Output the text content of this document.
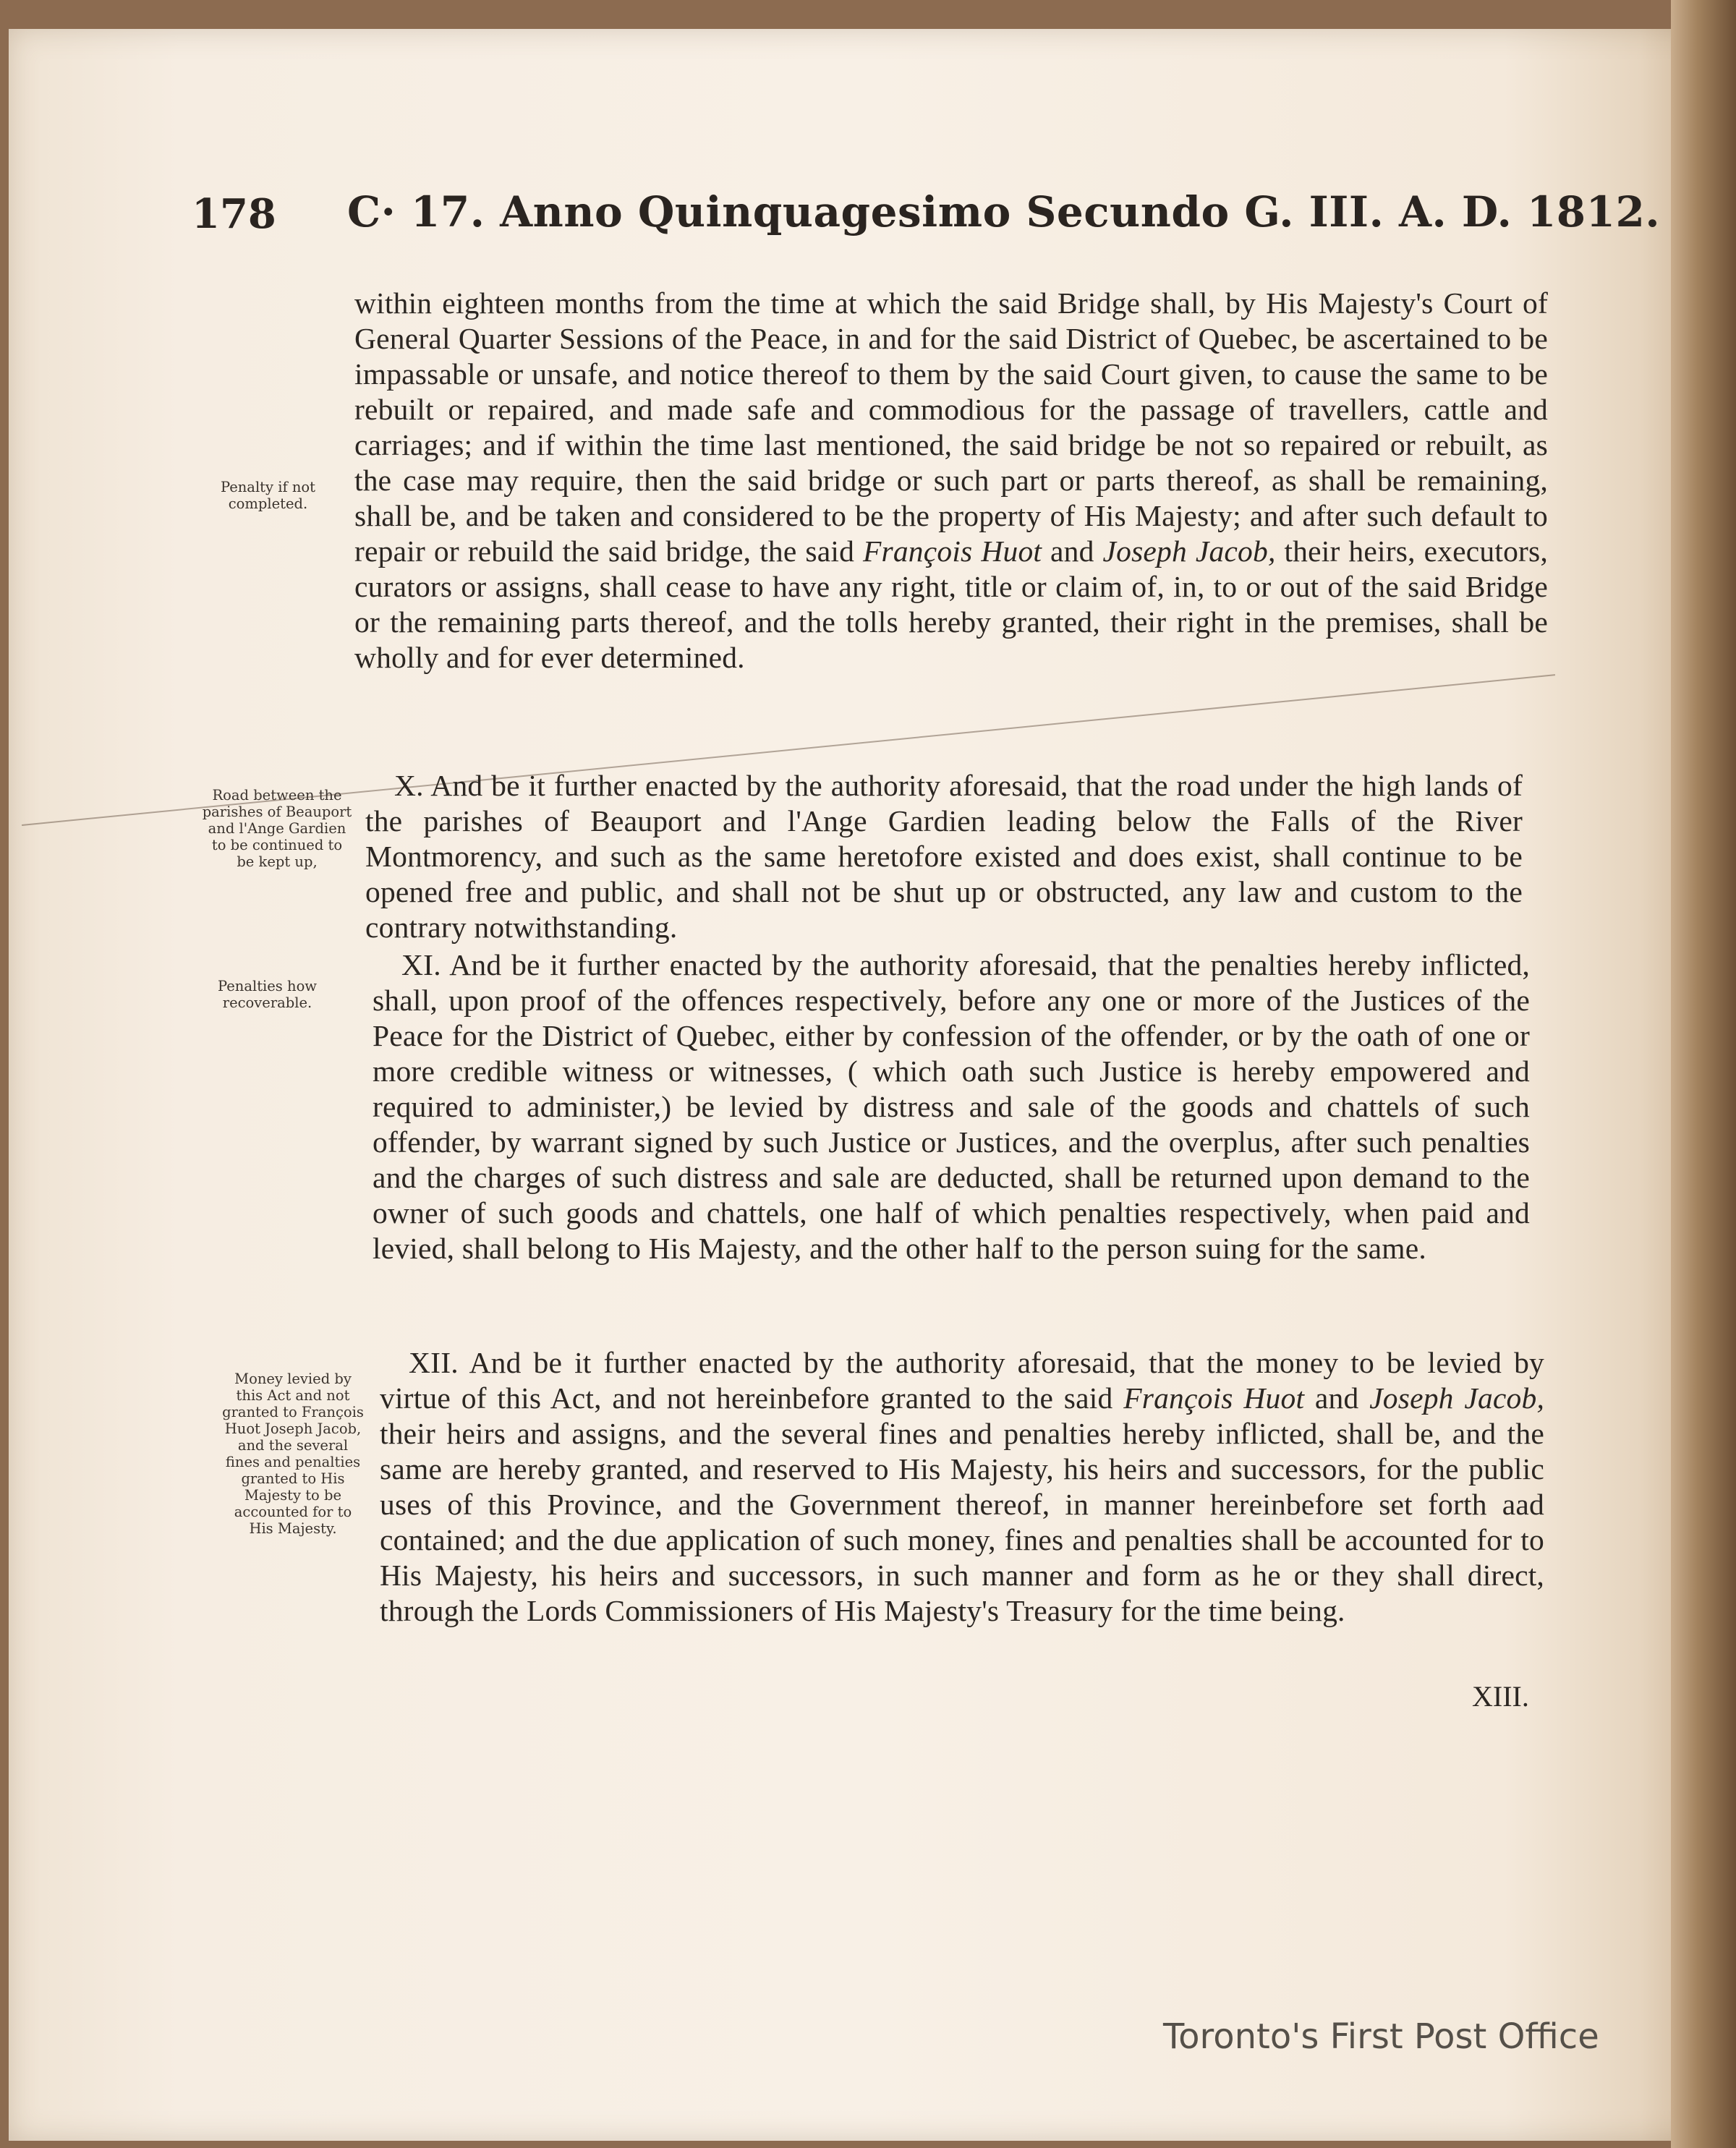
178 C· 17. Anno Quinquagesimo Secundo G. III. A. D. 1812.
within eighteen months from the time at which the said Bridge shall, by His Majesty's Court of General Quarter Sessions of the Peace, in and for the said District of Quebec, be ascertained to be impassable or unsafe, and notice thereof to them by the said Court given, to cause the same to be rebuilt or repaired, and made safe and commodious for the passage of travellers, cattle and carriages; and if within the time last mentioned, the said bridge be not so repaired or rebuilt, as the case may require, then the said bridge or such part or parts thereof, as shall be remaining, shall be, and be taken and considered to be the property of His Majesty; and after such default to repair or rebuild the said bridge, the said François Huot and Joseph Jacob, their heirs, executors, curators or assigns, shall cease to have any right, title or claim of, in, to or out of the said Bridge or the remaining parts thereof, and the tolls hereby granted, their right in the premises, shall be wholly and for ever determined.
Penalty if not completed.
X. And be it further enacted by the authority aforesaid, that the road under the high lands of the parishes of Beauport and l'Ange Gardien leading below the Falls of the River Montmorency, and such as the same heretofore existed and does exist, shall continue to be opened free and public, and shall not be shut up or obstructed, any law and custom to the contrary notwithstanding.
Road between the parishes of Beauport and l'Ange Gardien to be continued to be kept up,
XI. And be it further enacted by the authority aforesaid, that the penalties hereby inflicted, shall, upon proof of the offences respectively, before any one or more of the Justices of the Peace for the District of Quebec, either by confession of the offender, or by the oath of one or more credible witness or witnesses, ( which oath such Justice is hereby empowered and required to administer,) be levied by distress and sale of the goods and chattels of such offender, by warrant signed by such Justice or Justices, and the overplus, after such penalties and the charges of such distress and sale are deducted, shall be returned upon demand to the owner of such goods and chattels, one half of which penalties respectively, when paid and levied, shall belong to His Majesty, and the other half to the person suing for the same.
Penalties how recoverable.
XII. And be it further enacted by the authority aforesaid, that the money to be levied by virtue of this Act, and not hereinbefore granted to the said François Huot and Joseph Jacob, their heirs and assigns, and the several fines and penalties hereby inflicted, shall be, and the same are hereby granted, and reserved to His Majesty, his heirs and successors, for the public uses of this Province, and the Government thereof, in manner hereinbefore set forth aad contained; and the due application of such money, fines and penalties shall be accounted for to His Majesty, his heirs and successors, in such manner and form as he or they shall direct, through the Lords Commissioners of His Majesty's Treasury for the time being.
Money levied by this Act and not granted to François Huot Joseph Jacob, and the several fines and penalties granted to His Majesty to be accounted for to His Majesty.
XIII.
Toronto's First Post Office
